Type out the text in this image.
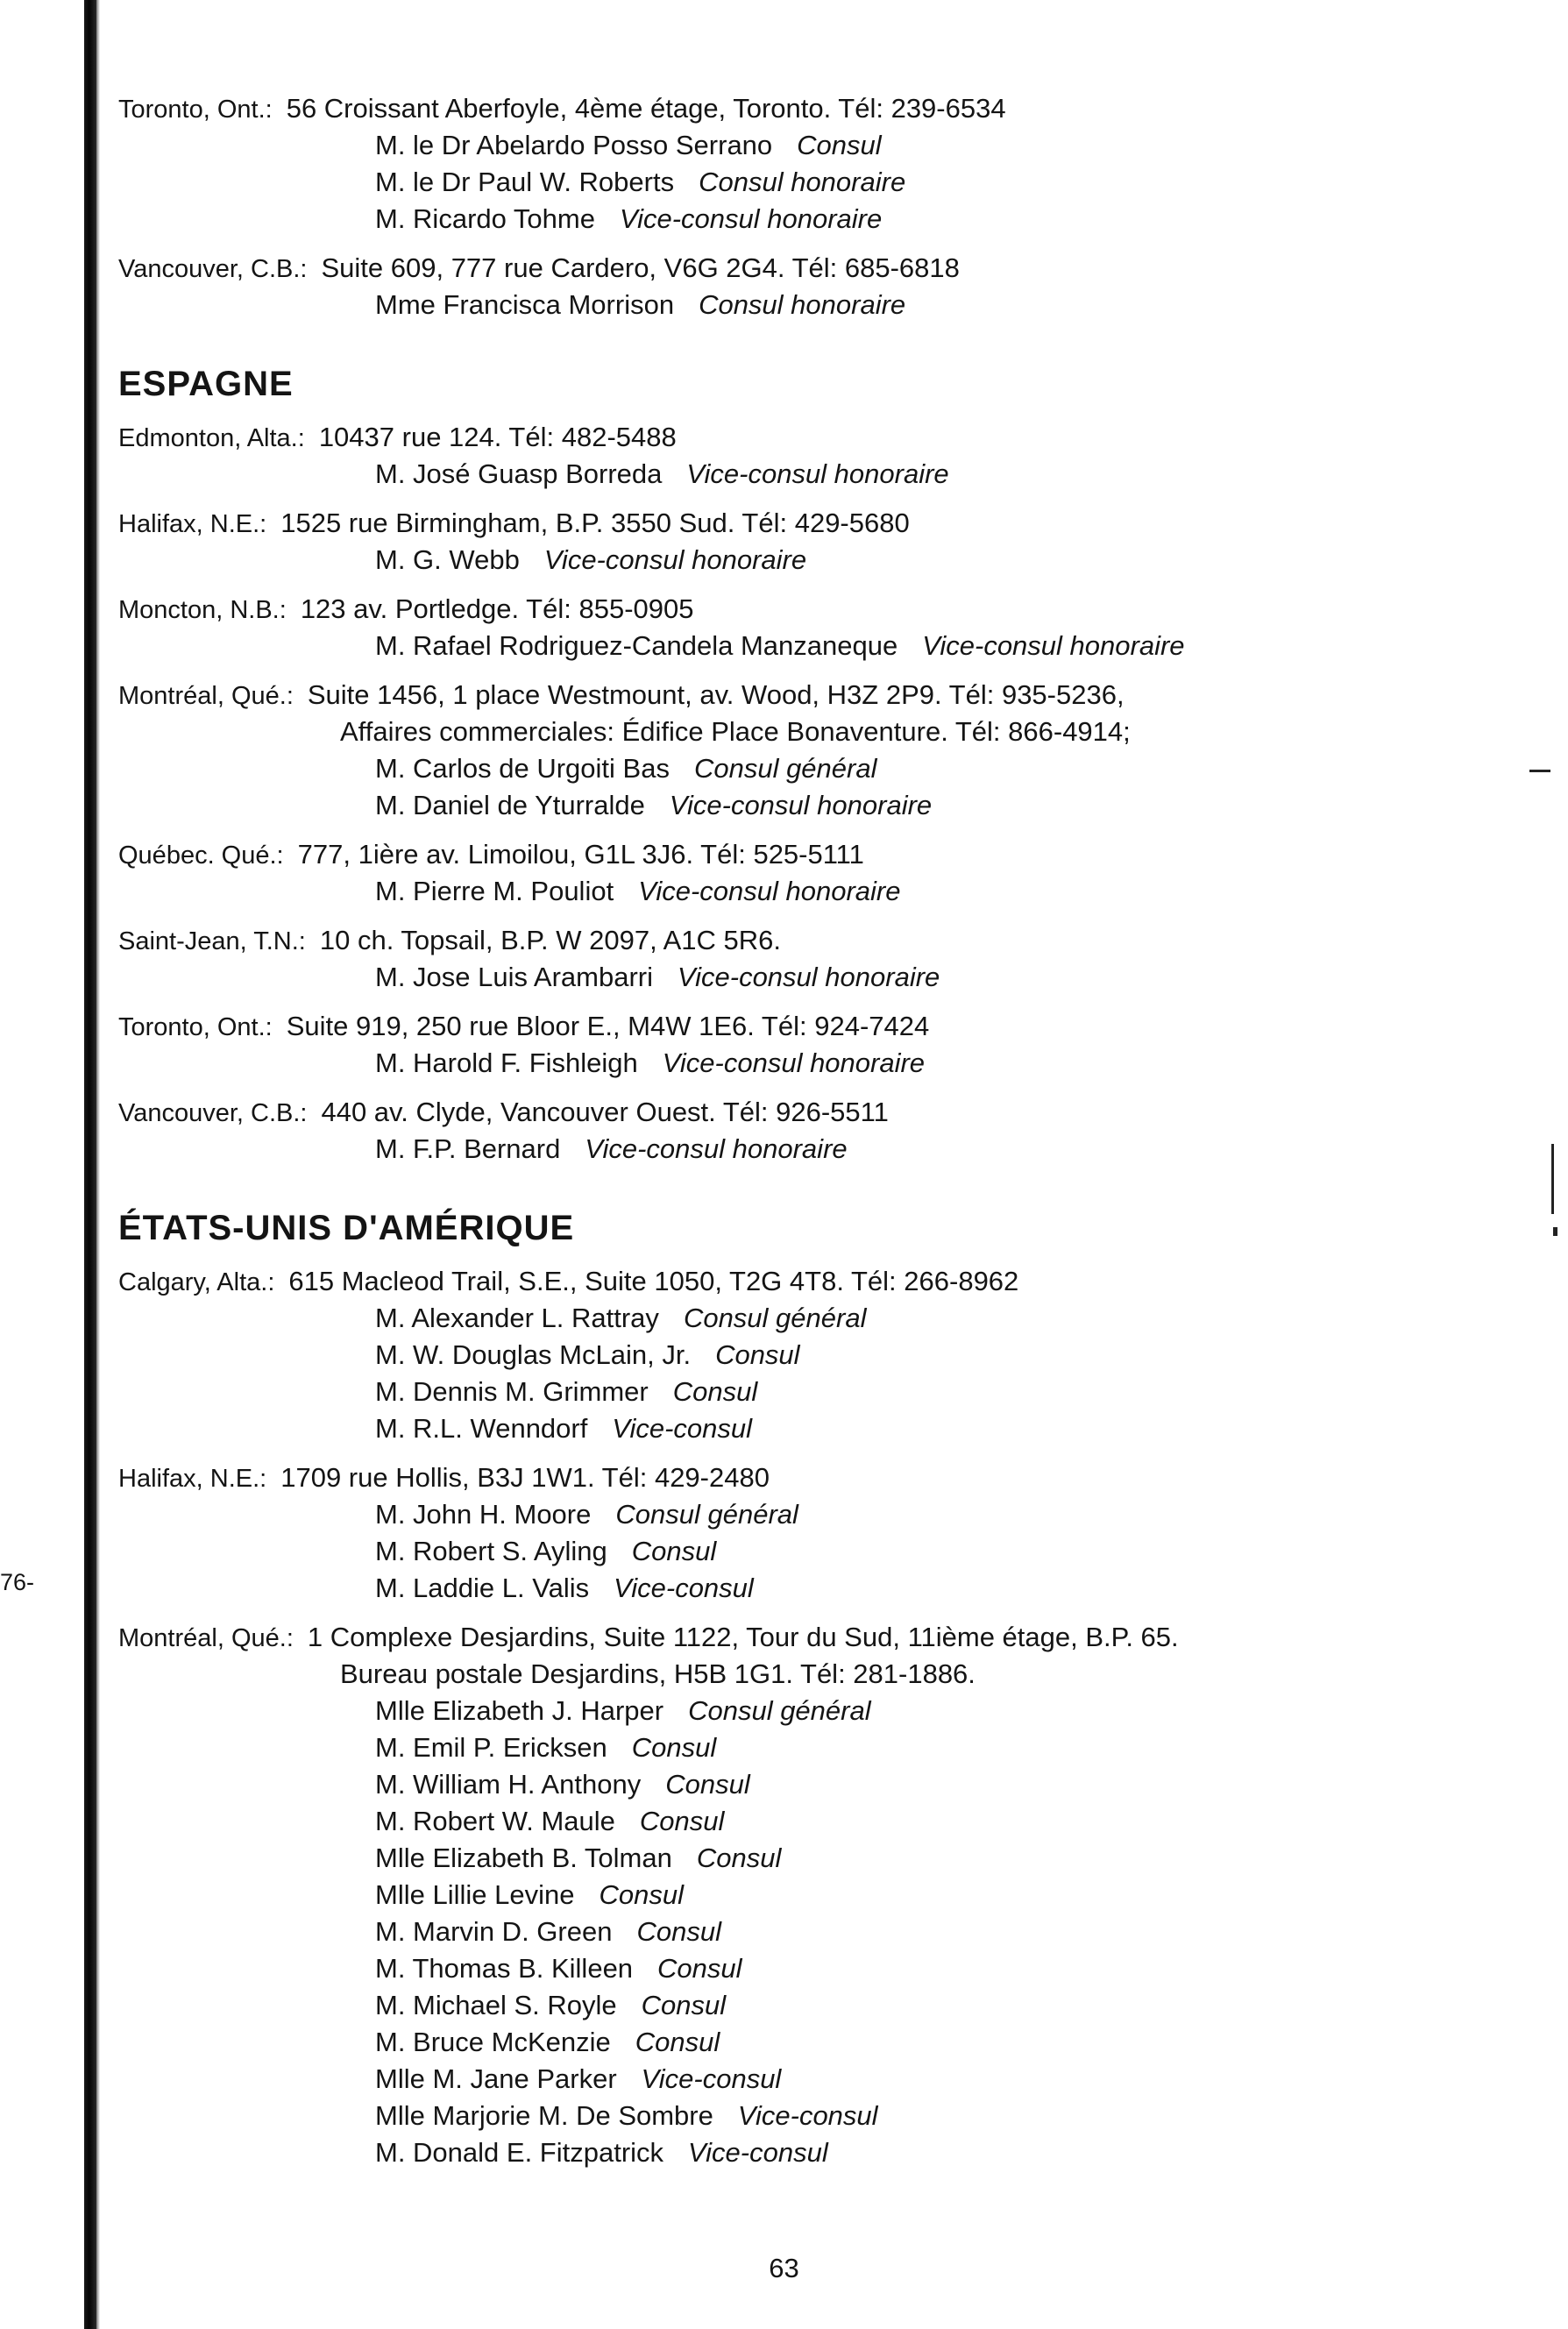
76-
Toronto, Ont.: 56 Croissant Aberfoyle, 4ème étage, Toronto. Tél: 239-6534
M. le Dr Abelardo Posso Serrano Consul
M. le Dr Paul W. Roberts Consul honoraire
M. Ricardo Tohme Vice-consul honoraire
Vancouver, C.B.: Suite 609, 777 rue Cardero, V6G 2G4. Tél: 685-6818
Mme Francisca Morrison Consul honoraire
ESPAGNE
Edmonton, Alta.: 10437 rue 124. Tél: 482-5488
M. José Guasp Borreda Vice-consul honoraire
Halifax, N.E.: 1525 rue Birmingham, B.P. 3550 Sud. Tél: 429-5680
M. G. Webb Vice-consul honoraire
Moncton, N.B.: 123 av. Portledge. Tél: 855-0905
M. Rafael Rodriguez-Candela Manzaneque Vice-consul honoraire
Montréal, Qué.: Suite 1456, 1 place Westmount, av. Wood, H3Z 2P9. Tél: 935-5236,
Affaires commerciales: Édifice Place Bonaventure. Tél: 866-4914;
M. Carlos de Urgoiti Bas Consul général
M. Daniel de Yturralde Vice-consul honoraire
Québec. Qué.: 777, 1ière av. Limoilou, G1L 3J6. Tél: 525-5111
M. Pierre M. Pouliot Vice-consul honoraire
Saint-Jean, T.N.: 10 ch. Topsail, B.P. W 2097, A1C 5R6.
M. Jose Luis Arambarri Vice-consul honoraire
Toronto, Ont.: Suite 919, 250 rue Bloor E., M4W 1E6. Tél: 924-7424
M. Harold F. Fishleigh Vice-consul honoraire
Vancouver, C.B.: 440 av. Clyde, Vancouver Ouest. Tél: 926-5511
M. F.P. Bernard Vice-consul honoraire
ÉTATS-UNIS D'AMÉRIQUE
Calgary, Alta.: 615 Macleod Trail, S.E., Suite 1050, T2G 4T8. Tél: 266-8962
M. Alexander L. Rattray Consul général
M. W. Douglas McLain, Jr. Consul
M. Dennis M. Grimmer Consul
M. R.L. Wenndorf Vice-consul
Halifax, N.E.: 1709 rue Hollis, B3J 1W1. Tél: 429-2480
M. John H. Moore Consul général
M. Robert S. Ayling Consul
M. Laddie L. Valis Vice-consul
Montréal, Qué.: 1 Complexe Desjardins, Suite 1122, Tour du Sud, 11ième étage, B.P. 65.
Bureau postale Desjardins, H5B 1G1. Tél: 281-1886.
Mlle Elizabeth J. Harper Consul général
M. Emil P. Ericksen Consul
M. William H. Anthony Consul
M. Robert W. Maule Consul
Mlle Elizabeth B. Tolman Consul
Mlle Lillie Levine Consul
M. Marvin D. Green Consul
M. Thomas B. Killeen Consul
M. Michael S. Royle Consul
M. Bruce McKenzie Consul
Mlle M. Jane Parker Vice-consul
Mlle Marjorie M. De Sombre Vice-consul
M. Donald E. Fitzpatrick Vice-consul
63
